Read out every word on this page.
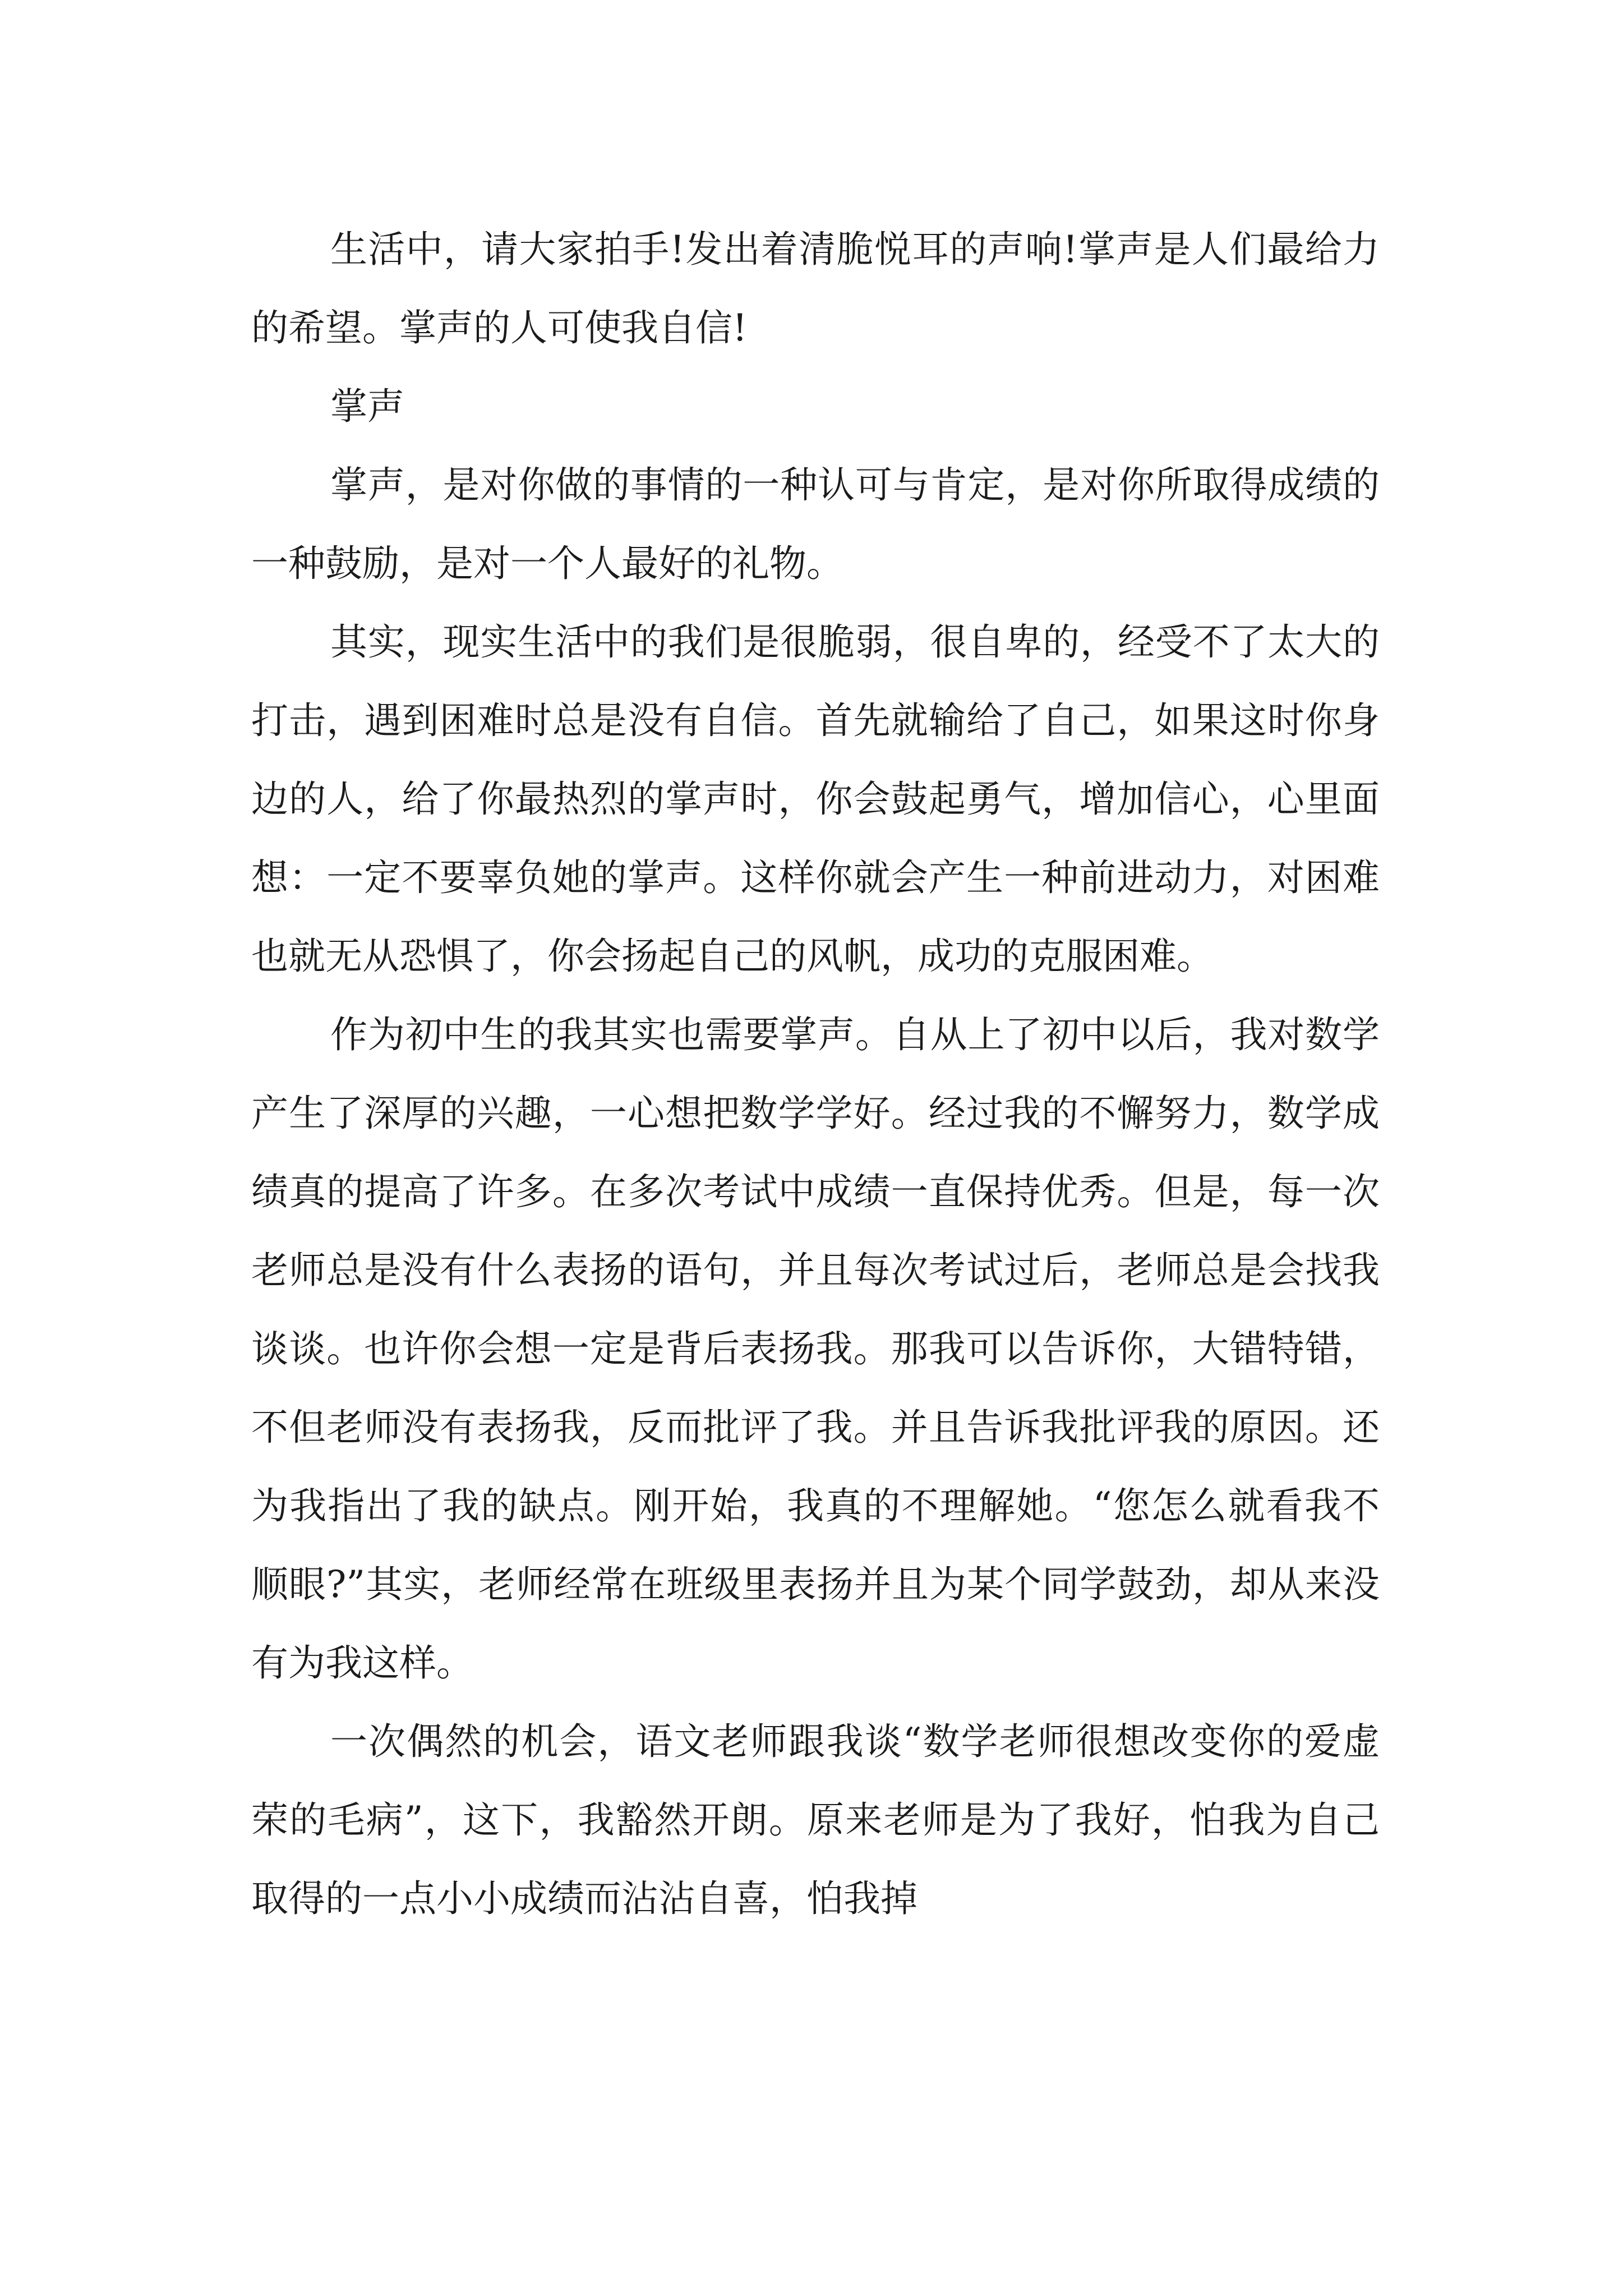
生活中，请大家拍手!发出着清脆悦耳的声响!掌声是人们最给力的希望。掌声的人可使我自信!

掌声

掌声，是对你做的事情的一种认可与肯定，是对你所取得成绩的一种鼓励，是对一个人最好的礼物。

其实，现实生活中的我们是很脆弱，很自卑的，经受不了太大的打击，遇到困难时总是没有自信。首先就输给了自己，如果这时你身边的人，给了你最热烈的掌声时，你会鼓起勇气，增加信心，心里面想：一定不要辜负她的掌声。这样你就会产生一种前进动力，对困难也就无从恐惧了，你会扬起自己的风帆，成功的克服困难。

作为初中生的我其实也需要掌声。自从上了初中以后，我对数学产生了深厚的兴趣，一心想把数学学好。经过我的不懈努力，数学成绩真的提高了许多。在多次考试中成绩一直保持优秀。但是，每一次老师总是没有什么表扬的语句，并且每次考试过后，老师总是会找我谈谈。也许你会想一定是背后表扬我。那我可以告诉你，大错特错，不但老师没有表扬我，反而批评了我。并且告诉我批评我的原因。还为我指出了我的缺点。刚开始，我真的不理解她。“您怎么就看我不顺眼?”其实，老师经常在班级里表扬并且为某个同学鼓劲，却从来没有为我这样。

一次偶然的机会，语文老师跟我谈“数学老师很想改变你的爱虚荣的毛病”，这下，我豁然开朗。原来老师是为了我好，怕我为自己取得的一点小小成绩而沾沾自喜，怕我掉
